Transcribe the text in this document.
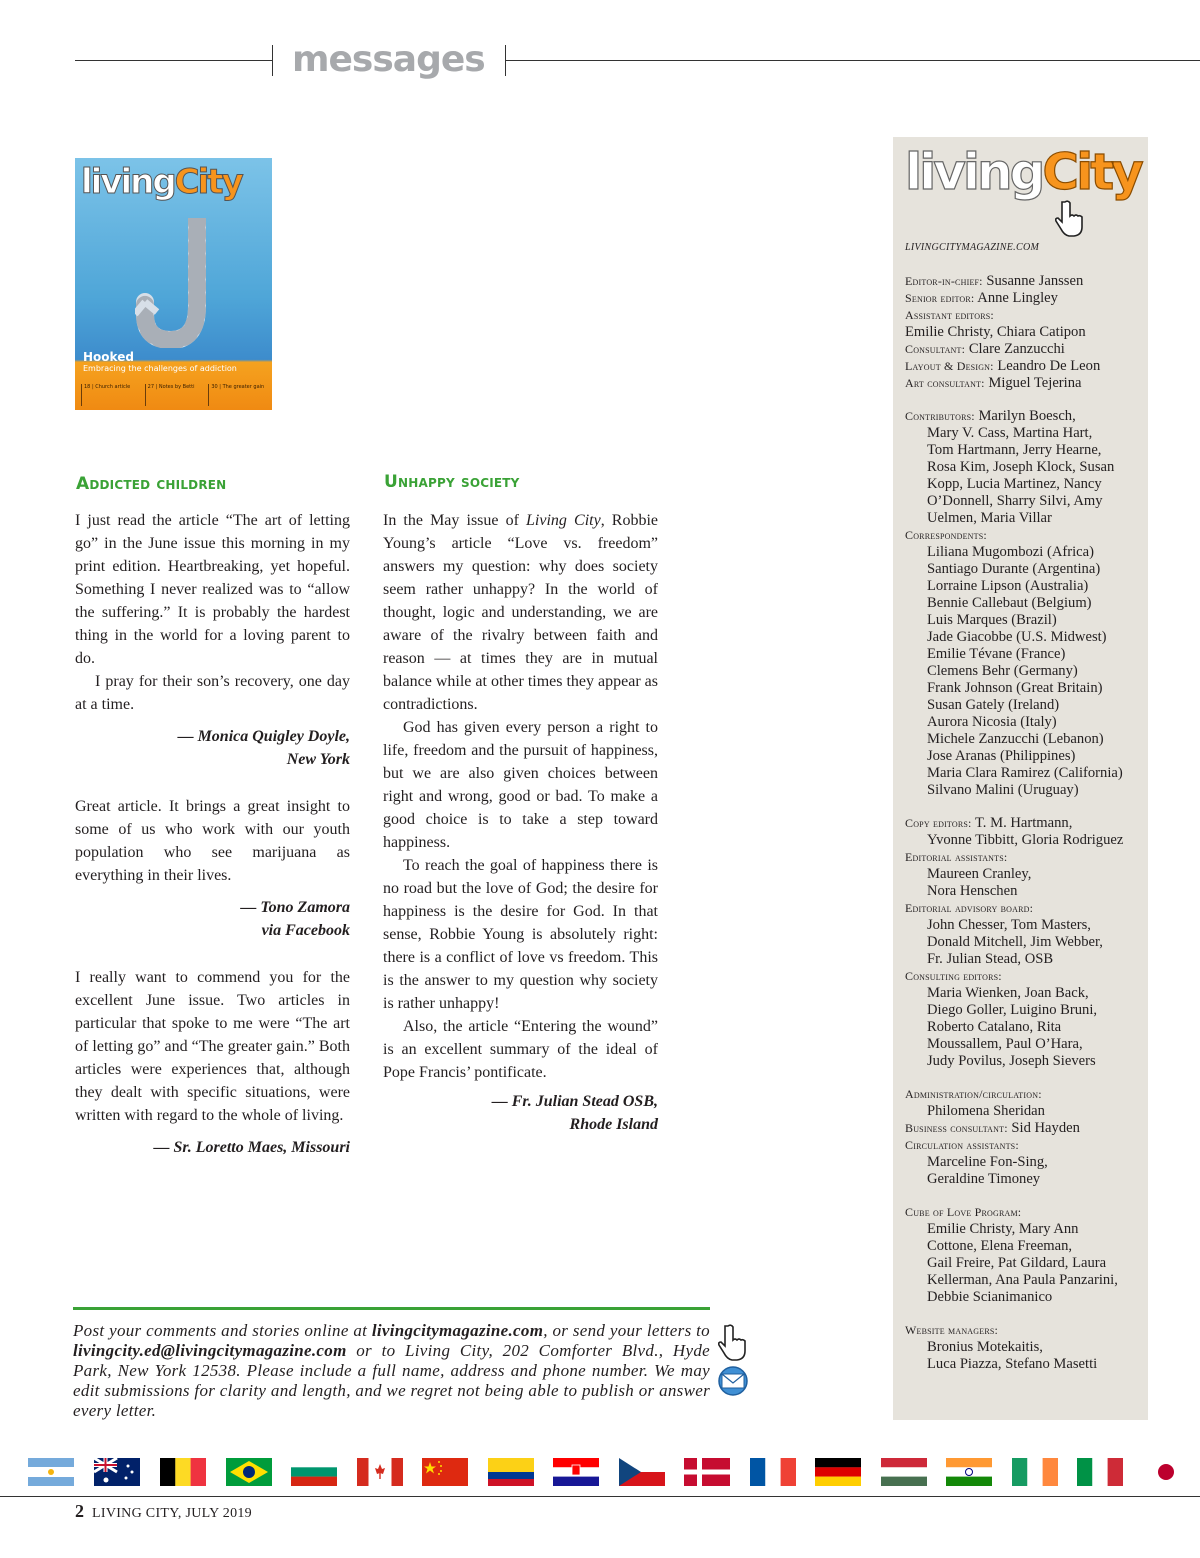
messages
livingCity
Hooked
Embracing the challenges of addiction
18 | Church article	27 | Notes by Betti	30 | The greater gain
Addicted children

I just read the article “The art of letting go” in the June issue this morning in my print edition. Heartbreaking, yet hopeful. Something I never realized was to “allow the suffering.” It is probably the hardest thing in the world for a loving parent to do.

I pray for their son’s recovery, one day at a time.

— Monica Quigley Doyle,
New York

Great article. It brings a great insight to some of us who work with our youth population who see marijuana as everything in their lives.

— Tono Zamora
via Facebook

I really want to commend you for the excellent June issue. Two articles in particular that spoke to me were “The art of letting go” and “The greater gain.” Both articles were experiences that, although they dealt with specific situations, were written with regard to the whole of living.

— Sr. Loretto Maes, Missouri

Unhappy society

In the May issue of Living City, Robbie Young’s article “Love vs. freedom” answers my question: why does society seem rather unhappy? In the world of thought, logic and understanding, we are aware of the rivalry between faith and reason — at times they are in mutual balance while at other times they appear as contradictions.

God has given every person a right to life, freedom and the pursuit of happiness, but we are also given choices between right and wrong, good or bad. To make a good choice is to take a step toward happiness.

To reach the goal of happiness there is no road but the love of God; the desire for happiness is the desire for God. In that sense, Robbie Young is absolutely right: there is a conflict of love vs freedom. This is the answer to my question why society is rather unhappy!

Also, the article “Entering the wound” is an excellent summary of the ideal of Pope Francis’ pontificate.

— Fr. Julian Stead OSB,
Rhode Island

Post your comments and stories online at livingcitymagazine.com, or send your letters to livingcity.ed@livingcitymagazine.com or to Living City, 202 Comforter Blvd., Hyde Park, New York 12538. Please include a full name, address and phone number. We may edit submissions for clarity and length, and we regret not being able to publish or answer every letter.
livingCity
LIVINGCITYMAGAZINE.COM
Editor-in-chief: Susanne Janssen
Senior editor: Anne Lingley
Assistant editors:
Emilie Christy, Chiara Catipon
Consultant: Clare Zanzucchi
Layout & Design: Leandro De Leon
Art consultant: Miguel Tejerina
Contributors: Marilyn Boesch,
Mary V. Cass, Martina Hart,
Tom Hartmann, Jerry Hearne,
Rosa Kim, Joseph Klock, Susan
Kopp, Lucia Martinez, Nancy
O’Donnell, Sharry Silvi, Amy
Uelmen, Maria Villar
Correspondents:
Liliana Mugombozi (Africa)
Santiago Durante (Argentina)
Lorraine Lipson (Australia)
Bennie Callebaut (Belgium)
Luis Marques (Brazil)
Jade Giacobbe (U.S. Midwest)
Emilie Tévane (France)
Clemens Behr (Germany)
Frank Johnson (Great Britain)
Susan Gately (Ireland)
Aurora Nicosia (Italy)
Michele Zanzucchi (Lebanon)
Jose Aranas (Philippines)
Maria Clara Ramirez (California)
Silvano Malini (Uruguay)
Copy editors: T. M. Hartmann,
Yvonne Tibbitt, Gloria Rodriguez
Editorial assistants:
Maureen Cranley,
Nora Henschen
Editorial advisory board:
John Chesser, Tom Masters,
Donald Mitchell, Jim Webber,
Fr. Julian Stead, OSB
Consulting editors:
Maria Wienken, Joan Back,
Diego Goller, Luigino Bruni,
Roberto Catalano, Rita
Moussallem, Paul O’Hara,
Judy Povilus, Joseph Sievers
Administration/circulation:
Philomena Sheridan
Business consultant: Sid Hayden
Circulation assistants:
Marceline Fon-Sing,
Geraldine Timoney
Cube of Love Program:
Emilie Christy, Mary Ann
Cottone, Elena Freeman,
Gail Freire, Pat Gildard, Laura
Kellerman, Ana Paula Panzarini,
Debbie Scianimanico
Website managers:
Bronius Motekaitis,
Luca Piazza, Stefano Masetti
2 LIVING CITY, JULY 2019
